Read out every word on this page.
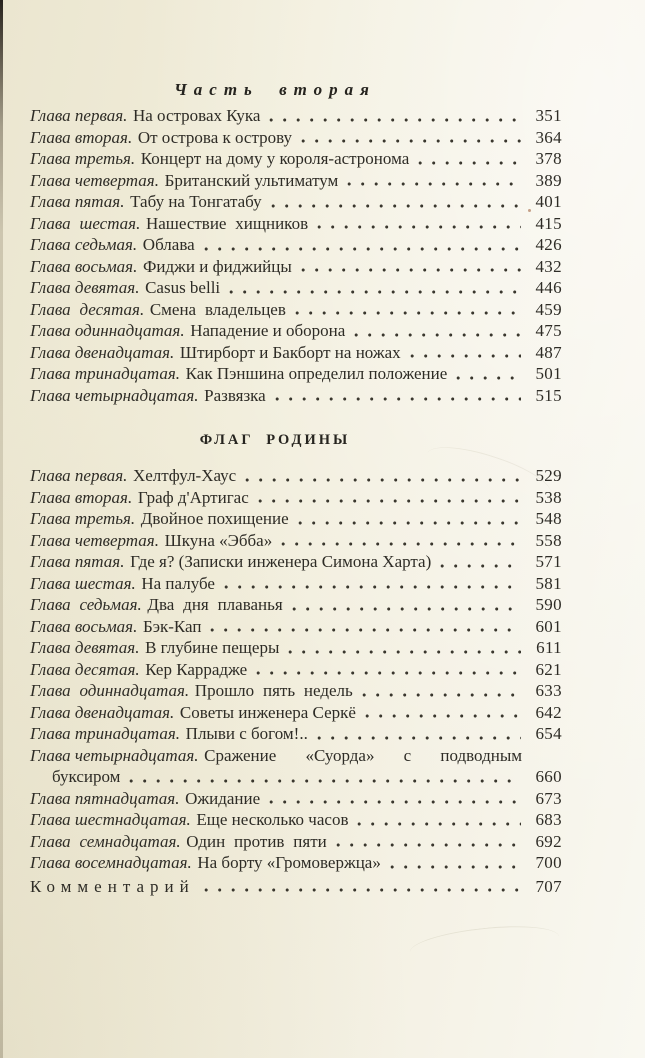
Часть вторая
Глава первая. На островах Кука	351
Глава вторая. От острова к острову	364
Глава третья. Концерт на дому у короля-астронома	378
Глава четвертая. Британский ультиматум	389
Глава пятая. Табу на Тонгатабу	401
Глава шестая. Нашествие хищников	415
Глава седьмая. Облава	426
Глава восьмая. Фиджи и фиджийцы	432
Глава девятая. Casus belli	446
Глава десятая. Смена владельцев	459
Глава одиннадцатая. Нападение и оборона	475
Глава двенадцатая. Штирборт и Бакборт на ножах	487
Глава тринадцатая. Как Пэншина определил положение	501
Глава четырнадцатая. Развязка	515
ФЛАГ РОДИНЫ
Глава первая. Хелтфул-Хаус	529
Глава вторая. Граф д'Артигас	538
Глава третья. Двойное похищение	548
Глава четвертая. Шкуна «Эбба»	558
Глава пятая. Где я? (Записки инженера Симона Харта)	571
Глава шестая. На палубе	581
Глава седьмая. Два дня плаванья	590
Глава восьмая. Бэк-Кап	601
Глава девятая. В глубине пещеры	611
Глава десятая. Кер Каррадже	621
Глава одиннадцатая. Прошло пять недель	633
Глава двенадцатая. Советы инженера Серкё	642
Глава тринадцатая. Плыви с богом!..	654
Глава четырнадцатая. Сражение «Суорда» с подводным
буксиром	660
Глава пятнадцатая. Ожидание	673
Глава шестнадцатая. Еще несколько часов	683
Глава семнадцатая. Один против пяти	692
Глава восемнадцатая. На борту «Громовержца»	700
Комментарий	707
